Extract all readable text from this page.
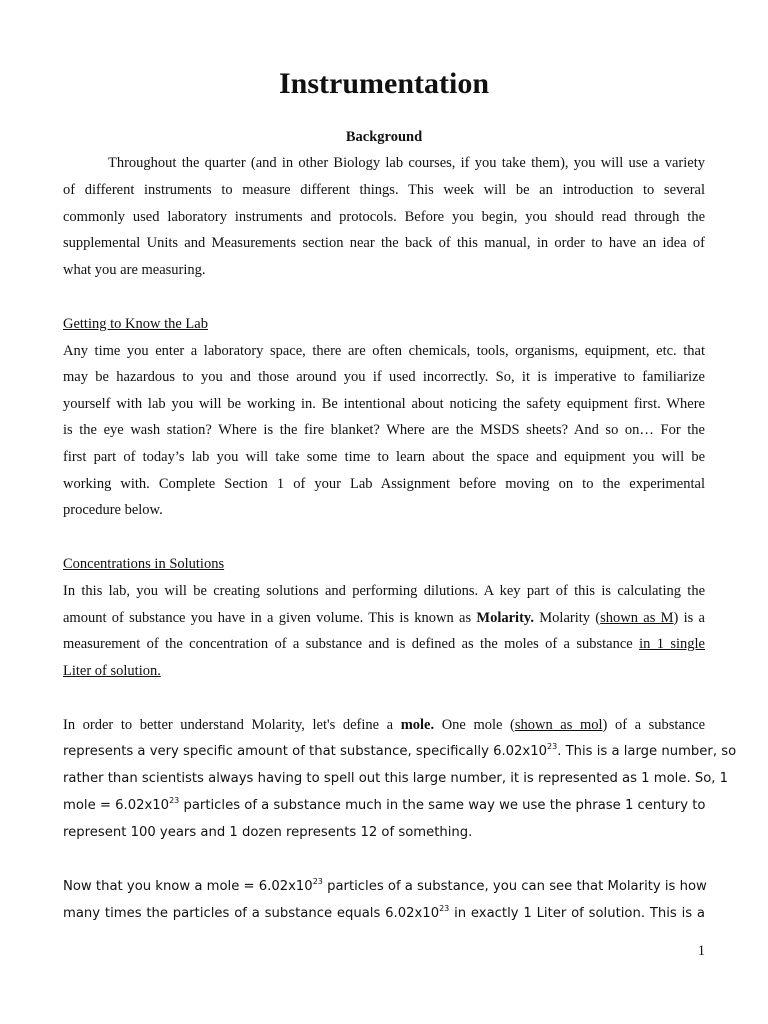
Instrumentation
Background
Throughout the quarter (and in other Biology lab courses, if you take them), you will use a variety
of different instruments to measure different things. This week will be an introduction to several
commonly used laboratory instruments and protocols. Before you begin, you should read through the
supplemental Units and Measurements section near the back of this manual, in order to have an idea of
what you are measuring.
Getting to Know the Lab
Any time you enter a laboratory space, there are often chemicals, tools, organisms, equipment, etc. that
may be hazardous to you and those around you if used incorrectly. So, it is imperative to familiarize
yourself with lab you will be working in. Be intentional about noticing the safety equipment first. Where
is the eye wash station? Where is the fire blanket? Where are the MSDS sheets? And so on… For the
first part of today’s lab you will take some time to learn about the space and equipment you will be
working with. Complete Section 1 of your Lab Assignment before moving on to the experimental
procedure below.
Concentrations in Solutions
In this lab, you will be creating solutions and performing dilutions. A key part of this is calculating the
amount of substance you have in a given volume. This is known as Molarity. Molarity (shown as M) is a
measurement of the concentration of a substance and is defined as the moles of a substance in 1 single
Liter of solution.
In order to better understand Molarity, let's define a mole. One mole (shown as mol) of a substance
represents a very specific amount of that substance, specifically $6.02x10^{23}$. This is a large number, so
rather than scientists always having to spell out this large number, it is represented as 1 mole. So, 1
mole = $6.02x10^{23}$ particles of a substance much in the same way we use the phrase 1 century to
represent 100 years and 1 dozen represents 12 of something.
Now that you know a mole = $6.02x10^{23}$ particles of a substance, you can see that Molarity is how
many times the particles of a substance equals $6.02x10^{23}$ in exactly 1 Liter of solution. This is a
1
